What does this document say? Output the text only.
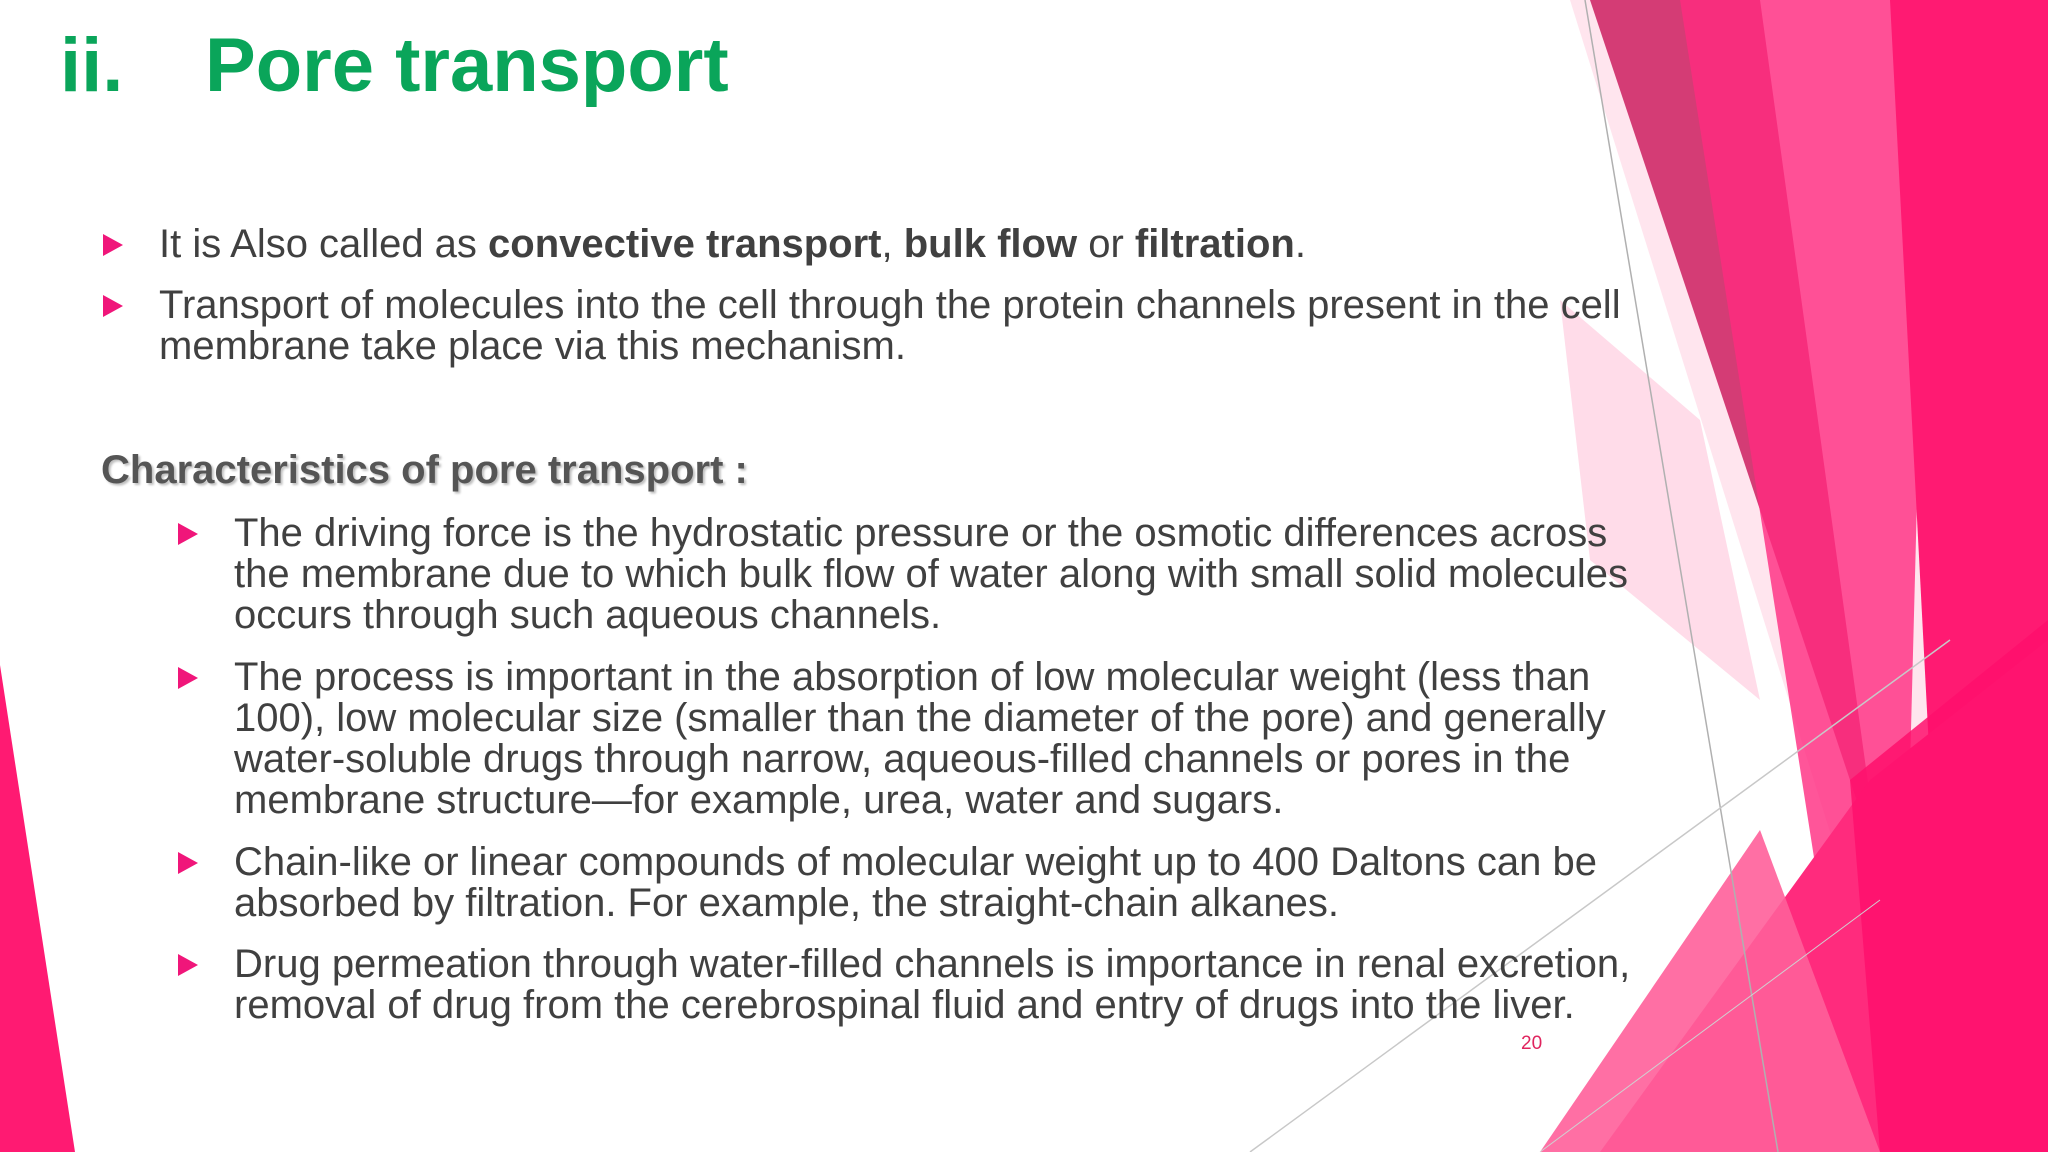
ii. Pore transport
It is Also called as convective transport, bulk flow or filtration.
Transport of molecules into the cell through the protein channels present in the cell membrane take place via this mechanism.
Characteristics of pore transport :
The driving force is the hydrostatic pressure or the osmotic differences across the membrane due to which bulk flow of water along with small solid molecules occurs through such aqueous channels.
The process is important in the absorption of low molecular weight (less than 100), low molecular size (smaller than the diameter of the pore) and generally water-soluble drugs through narrow, aqueous-filled channels or pores in the membrane structure—for example, urea, water and sugars.
Chain-like or linear compounds of molecular weight up to 400 Daltons can be absorbed by filtration. For example, the straight-chain alkanes.
Drug permeation through water-filled channels is importance in renal excretion, removal of drug from the cerebrospinal fluid and entry of drugs into the liver.
20
